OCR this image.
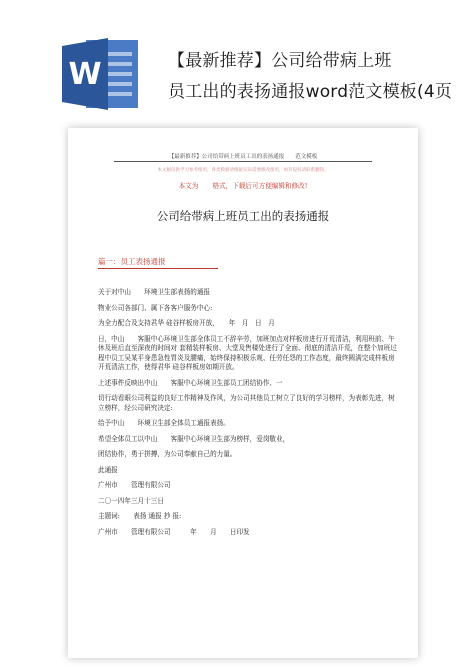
W	【最新推荐】公司给带病上班
员工出的表扬通报word范文模板(4页
【最新推荐】公司给带病上班员工出的表扬通报　　范文模板
本文稿仅供学习参考使用，各类模板请根据实际需要修改使用，如有侵权请联系删除。
本文为 格式，下载后可方便编辑和修改!
公司给带病上班员工出的表扬通报
篇一：员工表扬通报
关于对中山　　环境卫生部表扬的通报
物业公司各部门、属下各客户服务中心:
为全力配合及支持君华 硅谷样板房开放，　　年　月　日　月
日，中山　　客服中心环境卫生部全体员工不辞辛劳，加班加点对样板房进行开荒清洁，利用班前、午休及班后直至深夜的时间对 套精装样板房、大堂及售楼处进行了全面、彻底的清洁开荒，在整个加班过程中员工吴某平身患急性胃炎及腰痛，始终保持积极乐观、任劳任怨的工作态度，最终圆满完成样板房开荒清洁工作，使得君华 硅谷样板房如期开放。
上述事件反映出中山　　客服中心环境卫生部员工团结协作、一
切行动看眼公司利益的良好工作精神及作风，为公司其他员工树立了良好的学习榜样，为表彰先进，树立榜样，经公司研究决定:
给予中山　　环境卫生部全体员工通报表扬。
希望全体员工以中山　　客服中心环境卫生部为榜样，爱岗敬业，
团结协作，勇于拼搏，为公司奉献自己的力量。
此通报
广州市　　管理有限公司
二〇一四年三月十三日
主题词:　　表扬 通报 抄 报:
广州市　　管理有限公司　　　年　　月　　日印发
